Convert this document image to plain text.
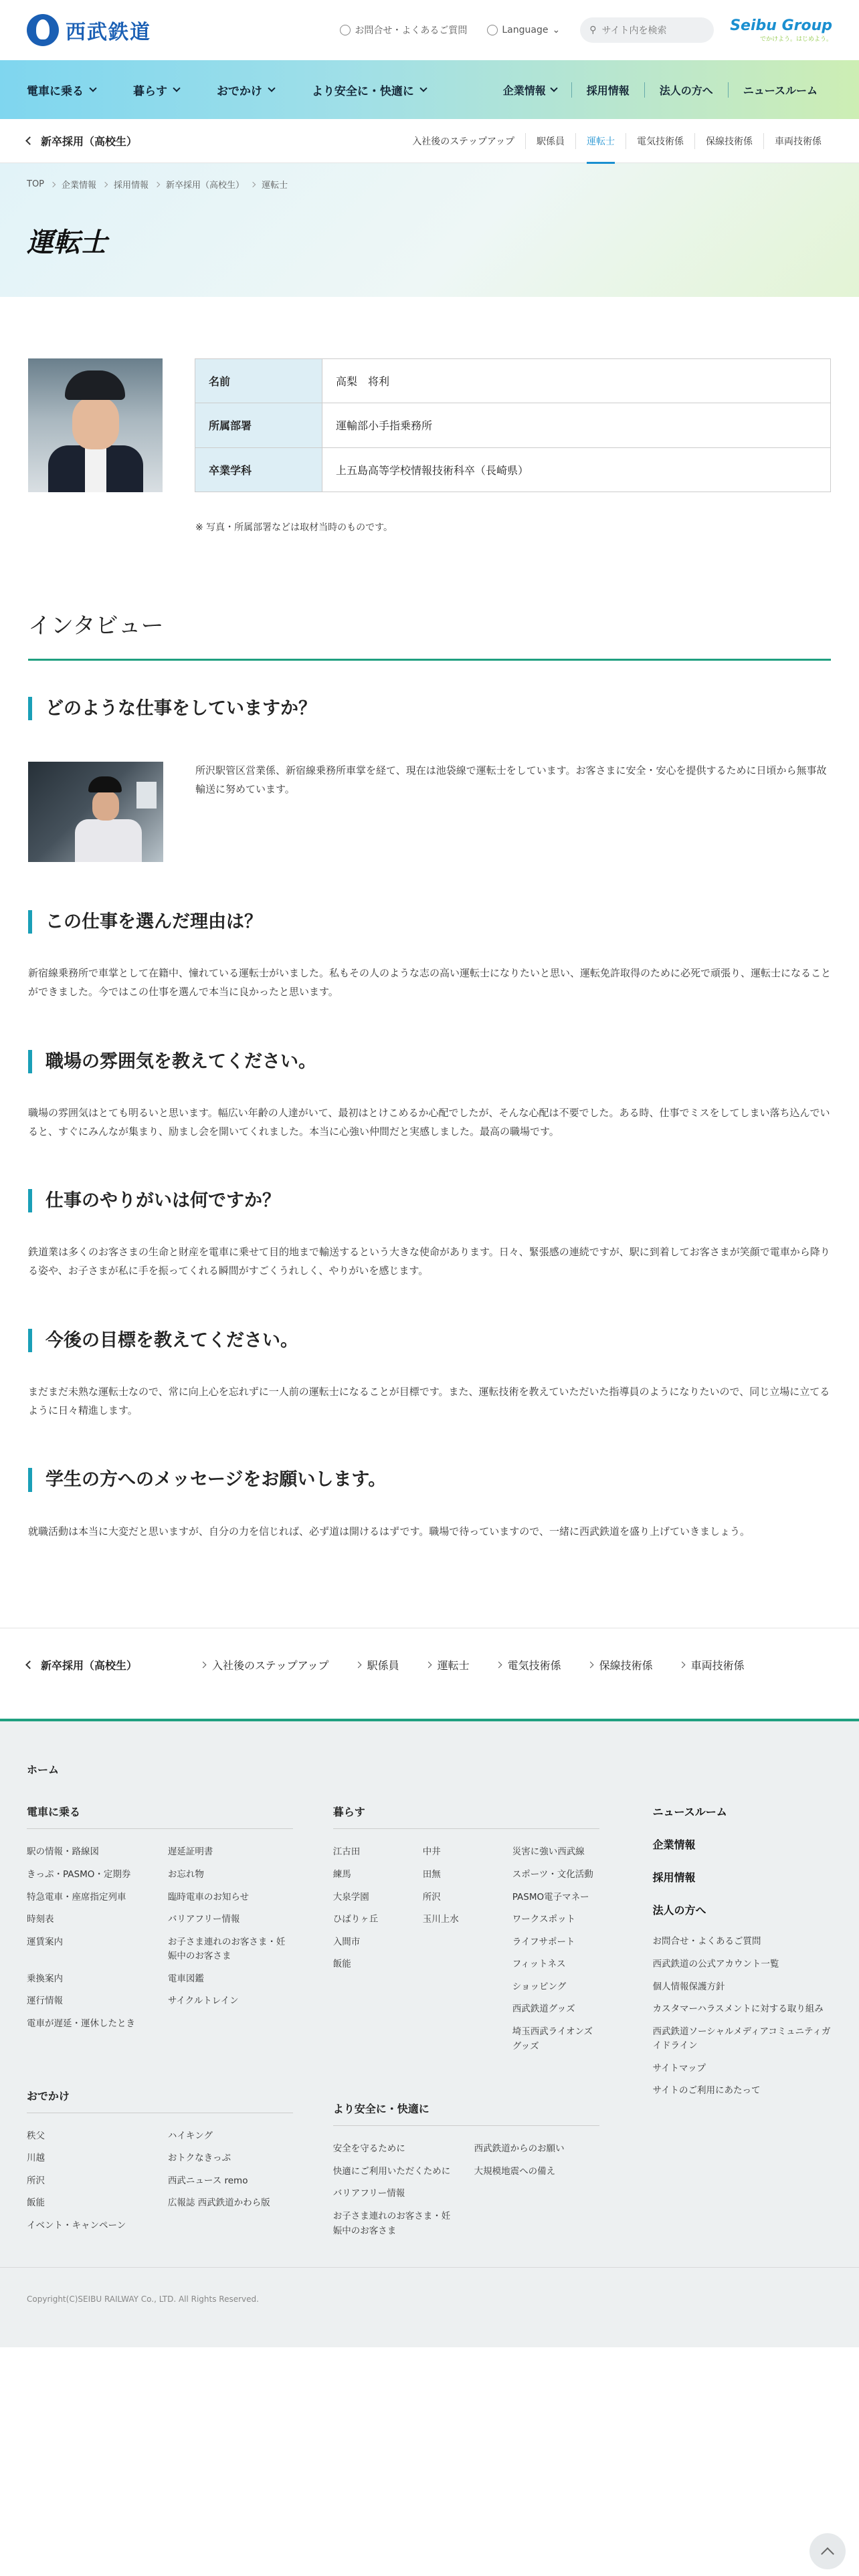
西武鉄道	お問合せ・よくあるご質問	Language ⌄	⚲ サイト内を検索	Seibu Group
でかけよう。はじめよう。
電車に乗る	暮らす	おでかけ	より安全に・快適に	企業情報	採用情報	法人の方へ	ニュースルーム
新卒採用（高校生）	入社後のステップアップ	駅係員	運転士	電気技術係	保線技術係	車両技術係
TOP 企業情報 採用情報 新卒採用（高校生） 運転士
運転士
名前	高梨　将利
所属部署	運輸部小手指乗務所
卒業学科	上五島高等学校情報技術科卒（長崎県）

※ 写真・所属部署などは取材当時のものです。

インタビュー
どのような仕事をしていますか？

所沢駅管区営業係、新宿線乗務所車掌を経て、現在は池袋線で運転士をしています。お客さまに安全・安心を提供するために日頃から無事故輸送に努めています。

この仕事を選んだ理由は？

新宿線乗務所で車掌として在籍中、憧れている運転士がいました。私もその人のような志の高い運転士になりたいと思い、運転免許取得のために必死で頑張り、運転士になることができました。今ではこの仕事を選んで本当に良かったと思います。

職場の雰囲気を教えてください。

職場の雰囲気はとても明るいと思います。幅広い年齢の人達がいて、最初はとけこめるか心配でしたが、そんな心配は不要でした。ある時、仕事でミスをしてしまい落ち込んでいると、すぐにみんなが集まり、励まし会を開いてくれました。本当に心強い仲間だと実感しました。最高の職場です。

仕事のやりがいは何ですか？

鉄道業は多くのお客さまの生命と財産を電車に乗せて目的地まで輸送するという大きな使命があります。日々、緊張感の連続ですが、駅に到着してお客さまが笑顔で電車から降りる姿や、お子さまが私に手を振ってくれる瞬間がすごくうれしく、やりがいを感じます。

今後の目標を教えてください。

まだまだ未熟な運転士なので、常に向上心を忘れずに一人前の運転士になることが目標です。また、運転技術を教えていただいた指導員のようになりたいので、同じ立場に立てるように日々精進します。

学生の方へのメッセージをお願いします。

就職活動は本当に大変だと思いますが、自分の力を信じれば、必ず道は開けるはずです。職場で待っていますので、一緒に西武鉄道を盛り上げていきましょう。

新卒採用（高校生）	入社後のステップアップ	駅係員	運転士	電気技術係	保線技術係	車両技術係
ホーム
電車に乗る
駅の情報・路線図	遅延証明書
きっぷ・PASMO・定期券	お忘れ物
特急電車・座席指定列車	臨時電車のお知らせ
時刻表	バリアフリー情報
運賃案内	お子さま連れのお客さま・妊娠中のお客さま
乗換案内	電車図鑑
運行情報	サイクルトレイン
電車が遅延・運休したとき
おでかけ
秩父	ハイキング
川越	おトクなきっぷ
所沢	西武ニュース remo
飯能	広報誌 西武鉄道かわら版
イベント・キャンペーン
暮らす
江古田	中井	災害に強い西武線
練馬	田無	スポーツ・文化活動
大泉学園	所沢	PASMO電子マネー
ひばりヶ丘	玉川上水	ワークスポット
入間市	ライフサポート
飯能	フィットネス
ショッピング
西武鉄道グッズ
埼玉西武ライオンズグッズ
より安全に・快適に
安全を守るために	西武鉄道からのお願い
快適にご利用いただくために	大規模地震への備え
バリアフリー情報
お子さま連れのお客さま・妊娠中のお客さま
ニュースルーム
企業情報
採用情報
法人の方へ
お問合せ・よくあるご質問
西武鉄道の公式アカウント一覧
個人情報保護方針
カスタマーハラスメントに対する取り組み
西武鉄道ソーシャルメディアコミュニティガイドライン
サイトマップ
サイトのご利用にあたって
Copyright(C)SEIBU RAILWAY Co., LTD. All Rights Reserved.
